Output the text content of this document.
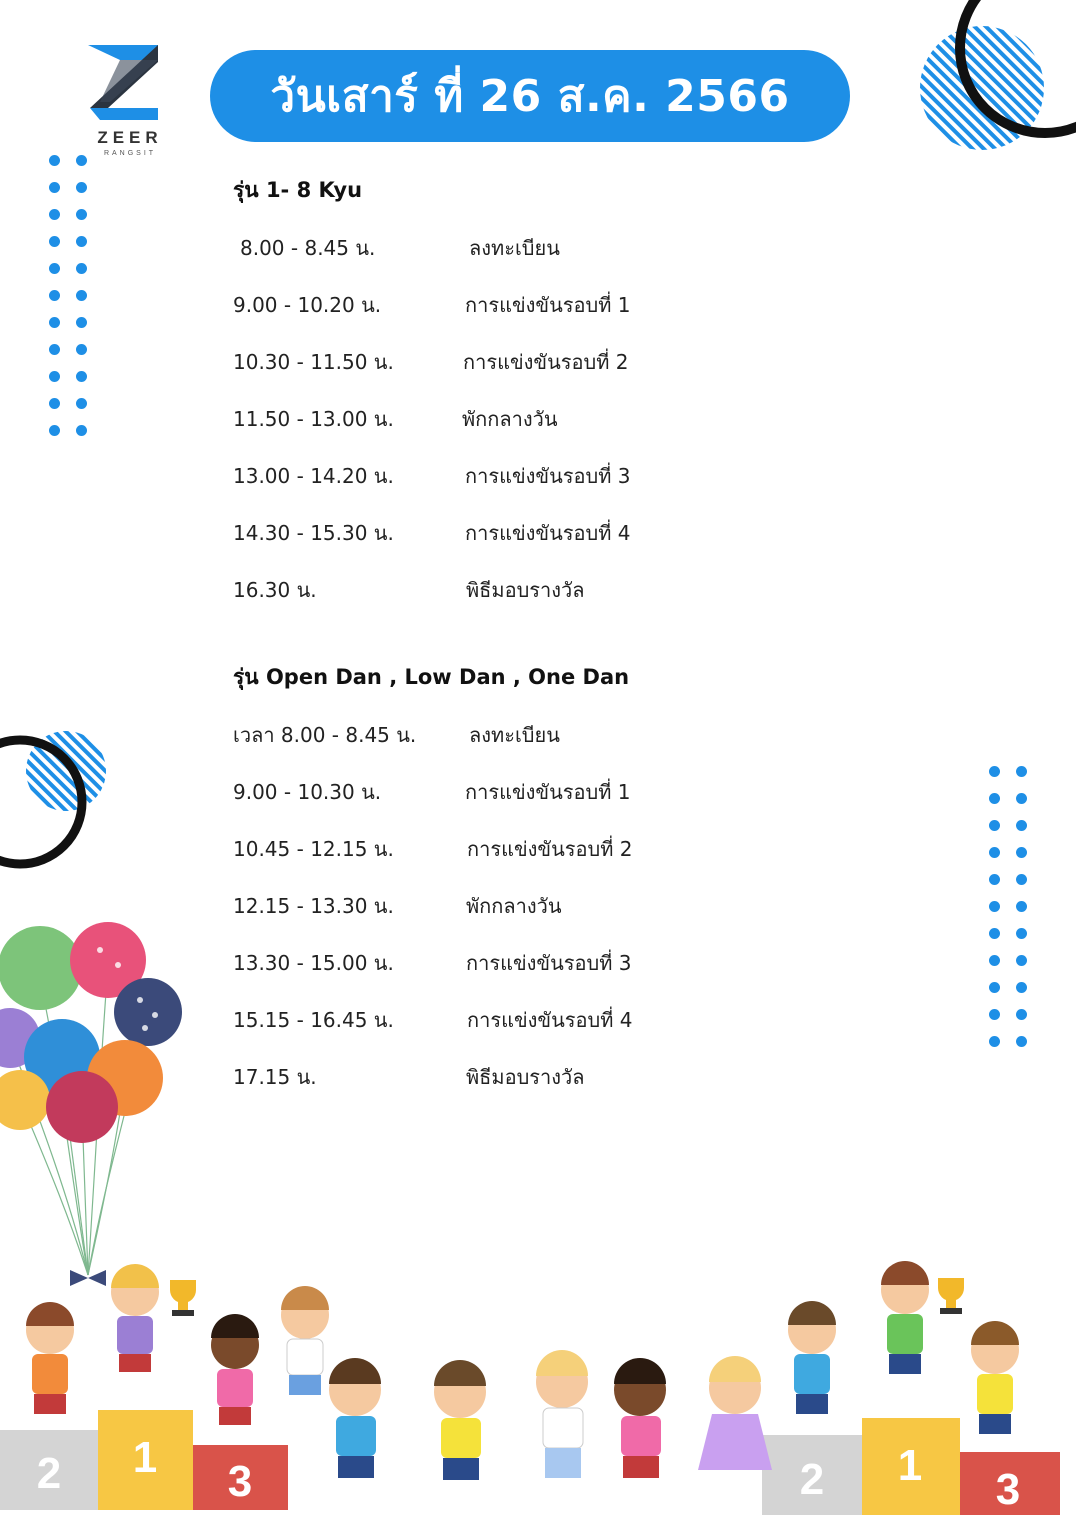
ZEER
RANGSIT
วันเสาร์ ที่ 26 ส.ค. 2566
รุ่น 1- 8 Kyu
8.00 - 8.45 น.	ลงทะเบียน
9.00 - 10.20 น.	การแข่งขันรอบที่ 1
10.30 - 11.50 น.	การแข่งขันรอบที่ 2
11.50 - 13.00 น.	พักกลางวัน
13.00 - 14.20 น.	การแข่งขันรอบที่ 3
14.30 - 15.30 น.	การแข่งขันรอบที่ 4
16.30 น.	พิธีมอบรางวัล
รุ่น Open Dan , Low Dan , One Dan
เวลา 8.00 - 8.45 น.	ลงทะเบียน
9.00 - 10.30 น.	การแข่งขันรอบที่ 1
10.45 - 12.15 น.	การแข่งขันรอบที่ 2
12.15 - 13.30 น.	พักกลางวัน
13.30 - 15.00 น.	การแข่งขันรอบที่ 3
15.15 - 16.45 น.	การแข่งขันรอบที่ 4
17.15 น.	พิธีมอบรางวัล
2 1 3	2 1 3
